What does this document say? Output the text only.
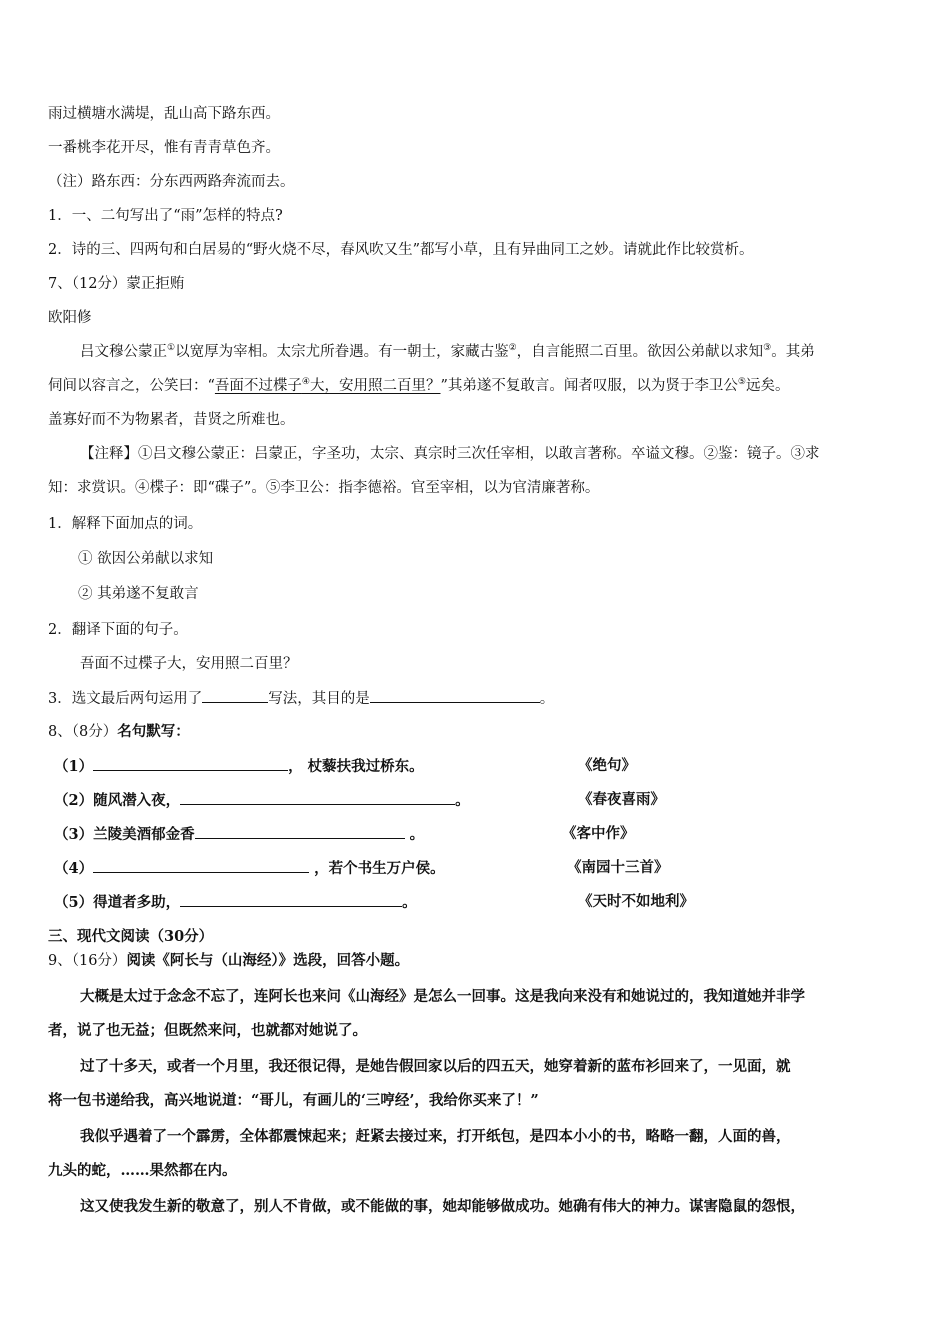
雨过横塘水满堤，乱山高下路东西。
一番桃李花开尽，惟有青青草色齐。
（注）路东西：分东西两路奔流而去。
1．一、二句写出了“雨”怎样的特点?
2．诗的三、四两句和白居易的“野火烧不尽，春风吹又生”都写小草，且有异曲同工之妙。请就此作比较赏析。
7、（12分）蒙正拒贿
欧阳修
吕文穆公蒙正①以宽厚为宰相。太宗尤所眷遇。有一朝士，家藏古鉴②，自言能照二百里。欲因公弟献以求知③。其弟
伺间以容言之，公笑曰：“吾面不过楪子④大，安用照二百里？”其弟遂不复敢言。闻者叹服，以为贤于李卫公⑤远矣。
盖寡好而不为物累者，昔贤之所难也。
【注释】①吕文穆公蒙正：吕蒙正，字圣功，太宗、真宗时三次任宰相，以敢言著称。卒谥文穆。②鉴：镜子。③求
知：求赏识。④楪子：即“碟子”。⑤李卫公：指李德裕。官至宰相，以为官清廉著称。
1．解释下面加点的词。
① 欲因公弟献以求知
② 其弟遂不复敢言
2．翻译下面的句子。
吾面不过楪子大，安用照二百里？
3．选文最后两句运用了	写法，其目的是	。
8、（8分）名句默写：
（1）	， 杖藜扶我过桥东。	《绝句》
（2）随风潜入夜，	。	《春夜喜雨》
（3）兰陵美酒郁金香	。	《客中作》
（4）	，若个书生万户侯。	《南园十三首》
（5）得道者多助，	。	《天时不如地利》
三、现代文阅读（30分）
9、（16分）阅读《阿长与（山海经）》选段，回答小题。
大概是太过于念念不忘了，连阿长也来问《山海经》是怎么一回事。这是我向来没有和她说过的，我知道她并非学
者，说了也无益；但既然来问，也就都对她说了。
过了十多天，或者一个月里，我还很记得，是她告假回家以后的四五天，她穿着新的蓝布衫回来了，一见面，就
将一包书递给我，高兴地说道：“哥儿，有画儿的‘三哼经’，我给你买来了！”
我似乎遇着了一个霹雳，全体都震悚起来；赶紧去接过来，打开纸包，是四本小小的书，略略一翻，人面的兽，
九头的蛇，……果然都在内。
这又使我发生新的敬意了，别人不肯做，或不能做的事，她却能够做成功。她确有伟大的神力。谋害隐鼠的怨恨，
